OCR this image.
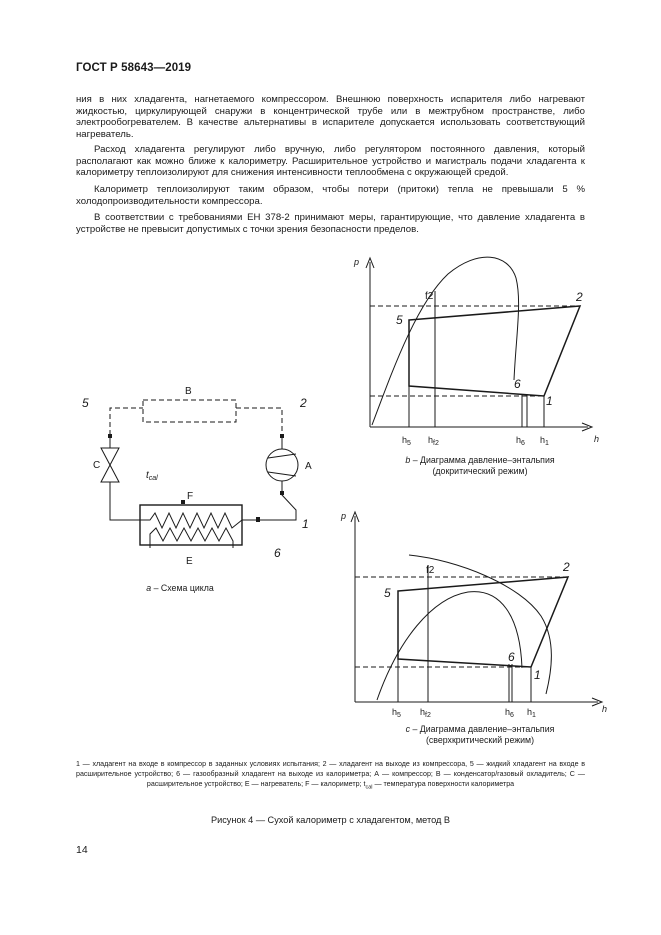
ГОСТ Р 58643—2019
ния в них хладагента, нагнетаемого компрессором. Внешнюю поверхность испарителя либо нагревают жидкостью, циркулирующей снаружи в концентрической трубе или в межтрубном пространстве, либо электрообогревателем. В качестве альтернативы в испарителе допускается использовать соответствующий нагреватель.
Расход хладагента регулируют либо вручную, либо регулятором постоянного давления, который располагают как можно ближе к калориметру. Расширительное устройство и магистраль подачи хладагента к калориметру теплоизолируют для снижения интенсивности теплообмена с окружающей средой.
Калориметр теплоизолируют таким образом, чтобы потери (притоки) тепла не превышали 5 % холодопроизводительности компрессора.
В соответствии с требованиями ЕН 378-2 принимают меры, гарантирующие, что давление хладагента в устройстве не превысит допустимых с точки зрения безопасности пределов.
В
5	2
С	А
$t_{cal}$
F
E
1
6
a – Схема цикла
p
h
f2	2
5
6
1
$h_5$ $h_{f2}$	$h_6$ $h_1$
b – Диаграмма давление–энтальпия
(докритический режим)
p
h
f2	2
5
6
1
$h_5$ $h_{f2}$	$h_6$ $h_1$
c – Диаграмма давление–энтальпия
(сверхкритический режим)
1 — хладагент на входе в компрессор в заданных условиях испытания; 2 — хладагент на выходе из компрессора, 5 — жидкий хладагент на входе в расширительное устройство; 6 — газообразный хладагент на выходе из калориметра; А — компрессор; В — конденсатор/газовый охладитель; С — расширительное устройство; Е — нагреватель; F — калориметр; $t_{cal}$ — температура поверхности калориметра
Рисунок 4 — Сухой калориметр с хладагентом, метод В
14
